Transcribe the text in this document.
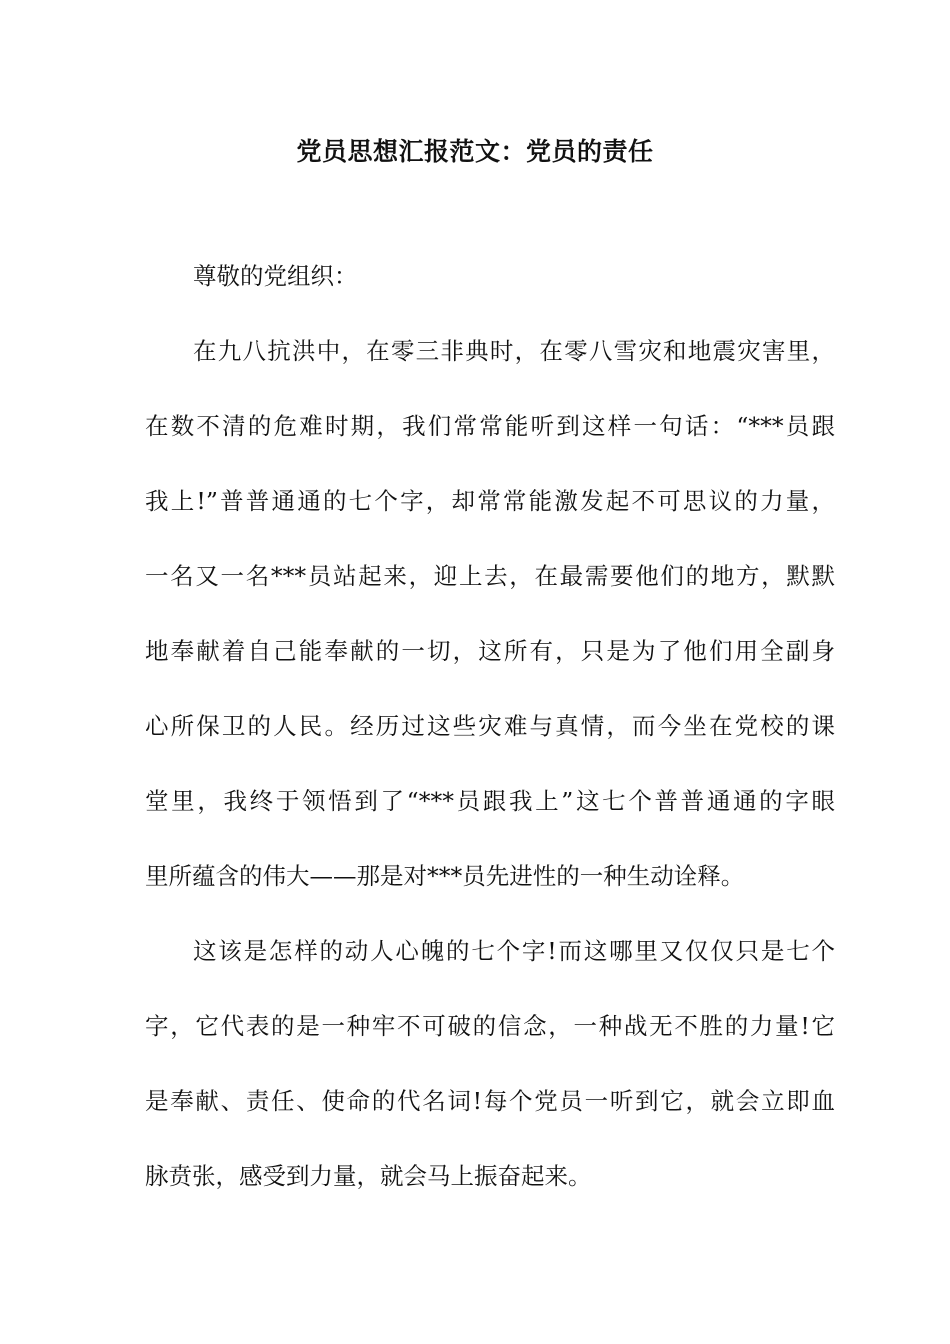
党员思想汇报范文：党员的责任
尊敬的党组织：
在九八抗洪中，在零三非典时，在零八雪灾和地震灾害里，
在数不清的危难时期，我们常常能听到这样一句话：“***员跟
我上!”普普通通的七个字，却常常能激发起不可思议的力量，
一名又一名***员站起来，迎上去，在最需要他们的地方，默默
地奉献着自己能奉献的一切，这所有，只是为了他们用全副身
心所保卫的人民。经历过这些灾难与真情，而今坐在党校的课
堂里，我终于领悟到了“***员跟我上”这七个普普通通的字眼
里所蕴含的伟大——那是对***员先进性的一种生动诠释。
这该是怎样的动人心魄的七个字!而这哪里又仅仅只是七个
字，它代表的是一种牢不可破的信念，一种战无不胜的力量!它
是奉献、责任、使命的代名词!每个党员一听到它，就会立即血
脉贲张，感受到力量，就会马上振奋起来。
